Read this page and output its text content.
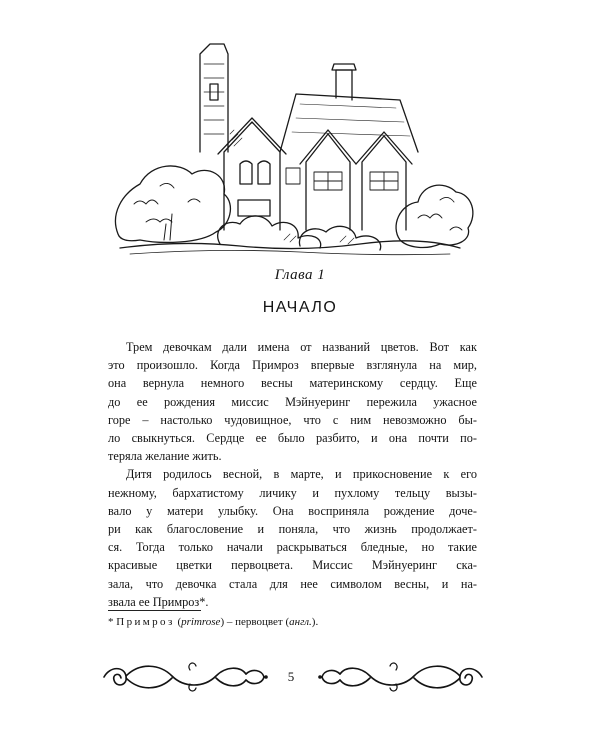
Глава 1
НАЧАЛО
Трем девочкам дали имена от названий цветов. Вот как
это произошло. Когда Примроз впервые взглянула на мир,
она вернула немного весны материнскому сердцу. Еще
до ее рождения миссис Мэйнуеринг пережила ужасное
горе – настолько чудовищное, что с ним невозможно бы-
ло свыкнуться. Сердце ее было разбито, и она почти по-
теряла желание жить.
Дитя родилось весной, в марте, и прикосновение к его
нежному, бархатистому личику и пухлому тельцу вызы-
вало у матери улыбку. Она восприняла рождение доче-
ри как благословение и поняла, что жизнь продолжает-
ся. Тогда только начали раскрываться бледные, но такие
красивые цветки первоцвета. Миссис Мэйнуеринг ска-
зала, что девочка стала для нее символом весны, и на-
звала ее Примроз*.
* Примроз (primrose) – первоцвет (англ.).
5
